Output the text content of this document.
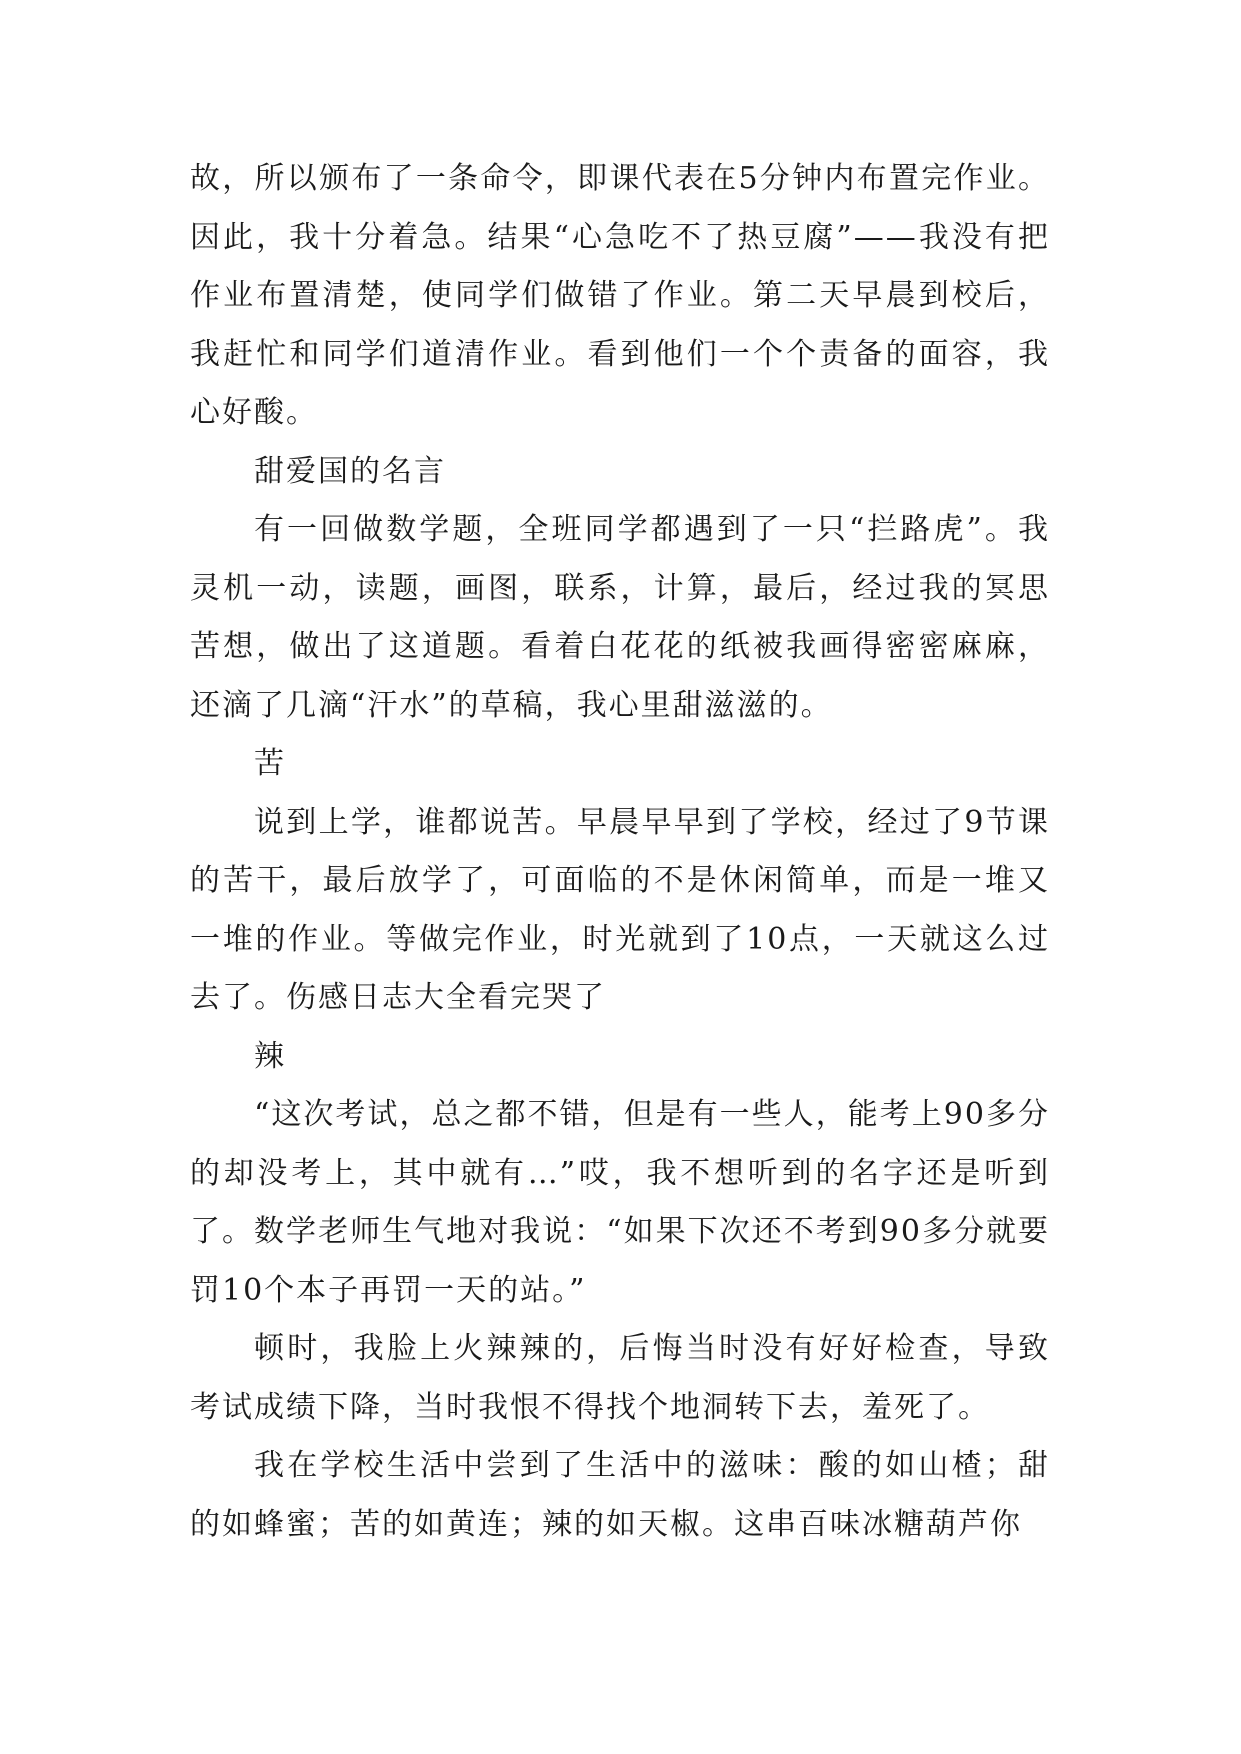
故，所以颁布了一条命令，即课代表在5分钟内布置完作业。因此，我十分着急。结果“心急吃不了热豆腐”——我没有把作业布置清楚，使同学们做错了作业。第二天早晨到校后，我赶忙和同学们道清作业。看到他们一个个责备的面容，我心好酸。

甜爱国的名言

有一回做数学题，全班同学都遇到了一只“拦路虎”。我灵机一动，读题，画图，联系，计算，最后，经过我的冥思苦想，做出了这道题。看着白花花的纸被我画得密密麻麻，还滴了几滴“汗水”的草稿，我心里甜滋滋的。

苦

说到上学，谁都说苦。早晨早早到了学校，经过了9节课的苦干，最后放学了，可面临的不是休闲简单，而是一堆又一堆的作业。等做完作业，时光就到了10点，一天就这么过去了。伤感日志大全看完哭了

辣

“这次考试，总之都不错，但是有一些人，能考上90多分的却没考上，其中就有…”哎，我不想听到的名字还是听到了。数学老师生气地对我说：“如果下次还不考到90多分就要罚10个本子再罚一天的站。”

顿时，我脸上火辣辣的，后悔当时没有好好检查，导致考试成绩下降，当时我恨不得找个地洞转下去，羞死了。

我在学校生活中尝到了生活中的滋味：酸的如山楂；甜的如蜂蜜；苦的如黄连；辣的如天椒。这串百味冰糖葫芦你
